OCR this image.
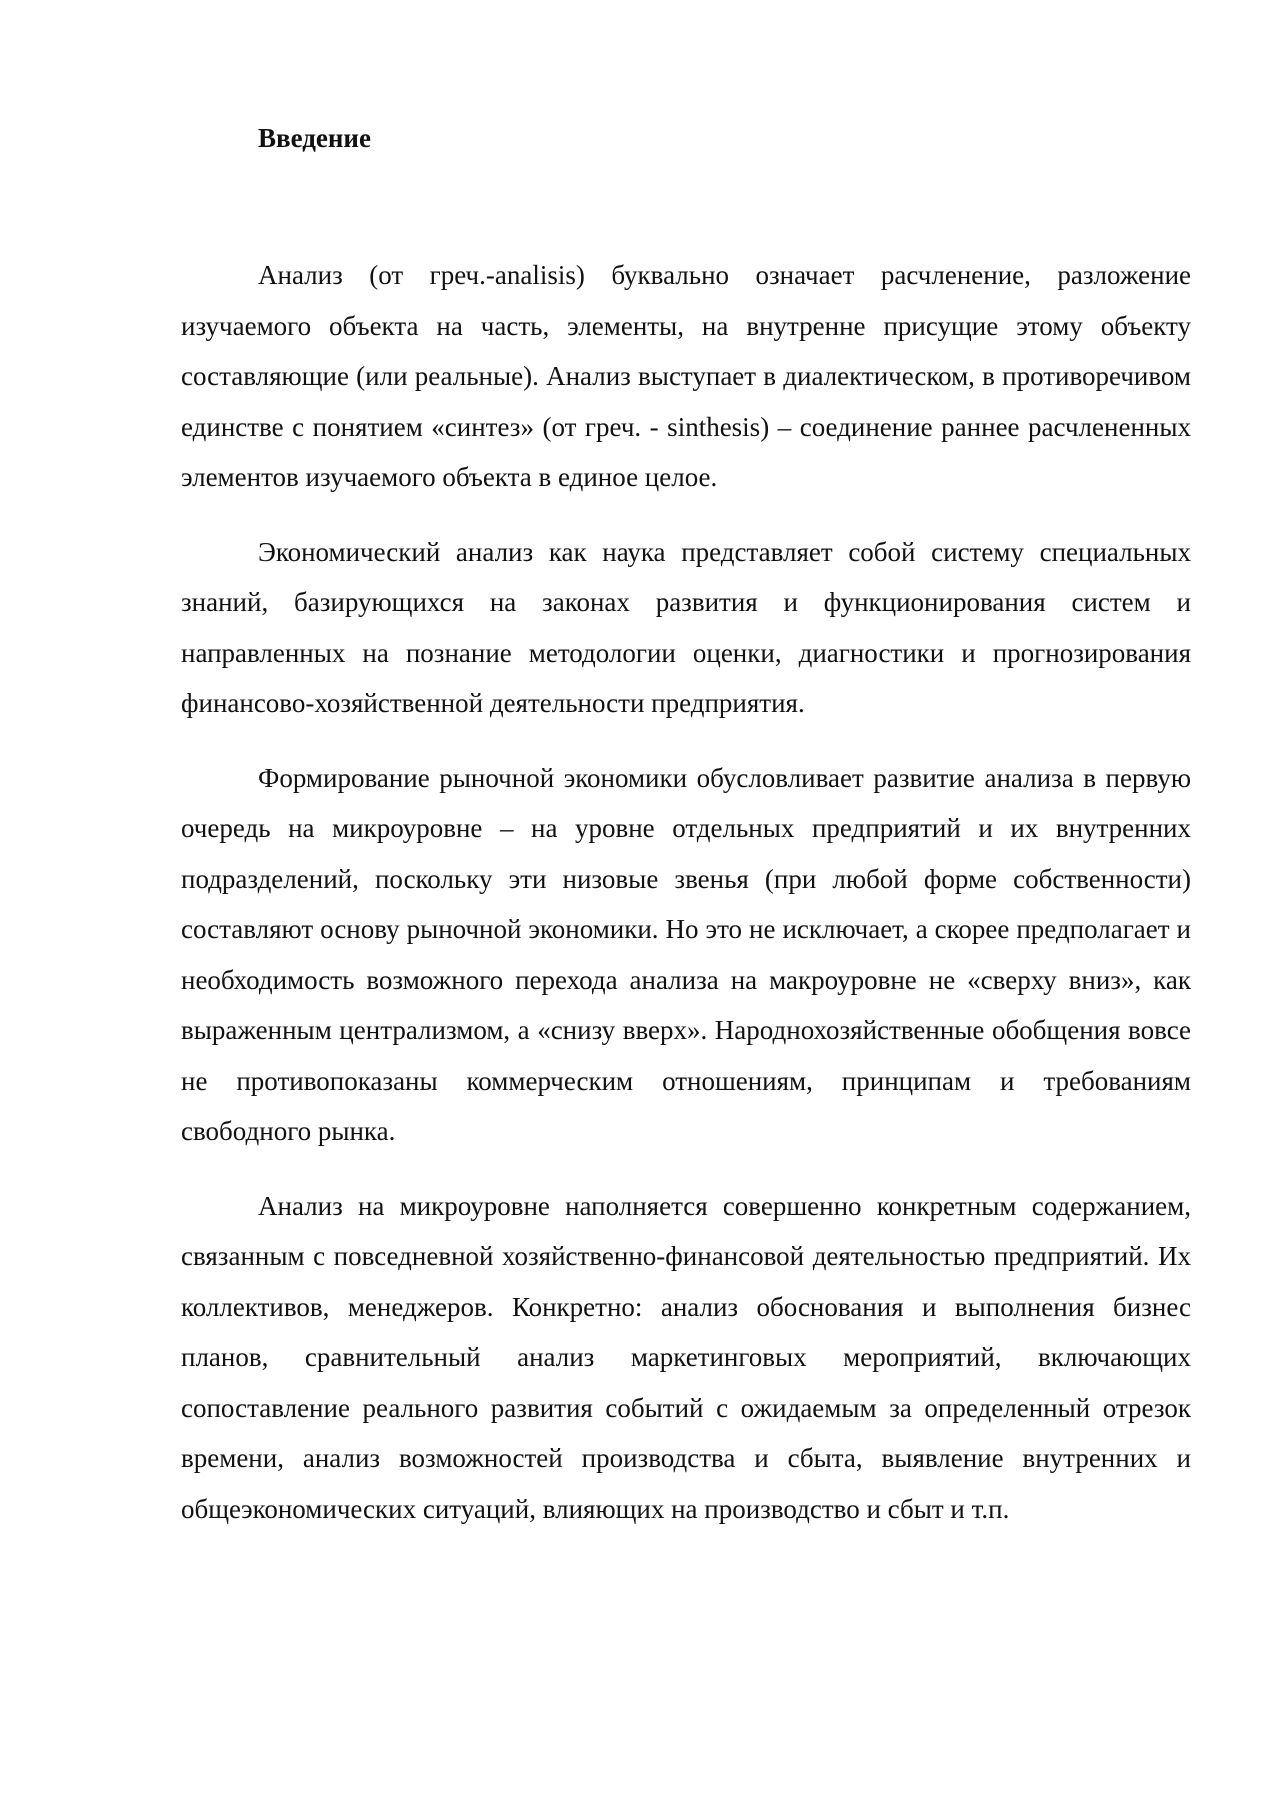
Введение

Анализ (от греч.-analisis) буквально означает расчленение, разложение изучаемого объекта на часть, элементы, на внутренне присущие этому объекту составляющие (или реальные). Анализ выступает в диалектическом, в противоречивом единстве с понятием «синтез» (от греч. - sinthesis) – соединение раннее расчлененных элементов изучаемого объекта в единое целое.

Экономический анализ как наука представляет собой систему специальных знаний, базирующихся на законах развития и функционирования систем и направленных на познание методологии оценки, диагностики и прогнозирования финансово-хозяйственной деятельности предприятия.

Формирование рыночной экономики обусловливает развитие анализа в первую очередь на микроуровне – на уровне отдельных предприятий и их внутренних подразделений, поскольку эти низовые звенья (при любой форме собственности) составляют основу рыночной экономики. Но это не исключает, а скорее предполагает и необходимость возможного перехода анализа на макроуровне не «сверху вниз», как выраженным централизмом, а «снизу вверх». Народнохозяйственные обобщения вовсе не противопоказаны коммерческим отношениям, принципам и требованиям свободного рынка.

Анализ на микроуровне наполняется совершенно конкретным содержанием, связанным с повседневной хозяйственно-финансовой деятельностью предприятий. Их коллективов, менеджеров. Конкретно: анализ обоснования и выполнения бизнес планов, сравнительный анализ маркетинговых мероприятий, включающих сопоставление реального развития событий с ожидаемым за определенный отрезок времени, анализ возможностей производства и сбыта, выявление внутренних и общеэкономических ситуаций, влияющих на производство и сбыт и т.п.
